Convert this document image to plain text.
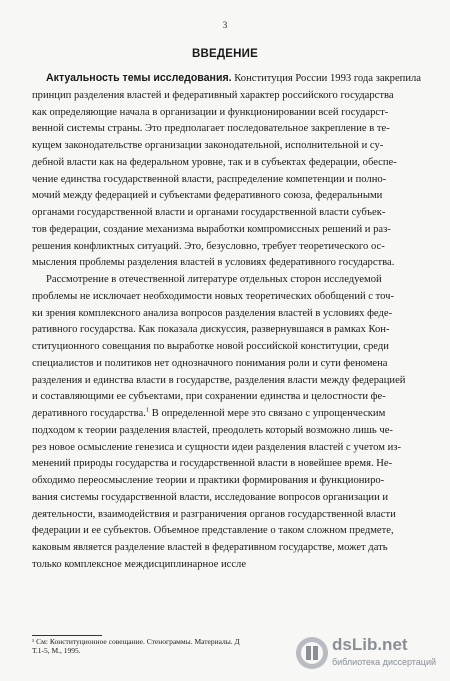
3
ВВЕДЕНИЕ
Актуальность темы исследования. Конституция России 1993 года закрепила
принцип разделения властей и федеративный характер российского государства
как определяющие начала в организации и функционировании всей государст-
венной системы страны. Это предполагает последовательное закрепление в те-
кущем законодательстве организации законодательной, исполнительной и су-
дебной власти как на федеральном уровне, так и в субъектах федерации, обеспе-
чение единства государственной власти, распределение компетенции и полно-
мочий между федерацией и субъектами федеративного союза, федеральными
органами государственной власти и органами государственной власти субъек-
тов федерации, создание механизма выработки компромиссных решений и раз-
решения конфликтных ситуаций. Это, безусловно, требует теоретического ос-
мысления проблемы разделения властей в условиях федеративного государства.
Рассмотрение в отечественной литературе отдельных сторон исследуемой
проблемы не исключает необходимости новых теоретических обобщений с точ-
ки зрения комплексного анализа вопросов разделения властей в условиях феде-
ративного государства. Как показала дискуссия, развернувшаяся в рамках Кон-
ституционного совещания по выработке новой российской конституции, среди
специалистов и политиков нет однозначного понимания роли и сути феномена
разделения и единства власти в государстве, разделения власти между федерацией
и составляющими ее субъектами, при сохранении единства и целостности фе-
деративного государства.$^1$ В определенной мере это связано с упрощенческим
подходом к теории разделения властей, преодолеть который возможно лишь че-
рез новое осмысление генезиса и сущности идеи разделения властей с учетом из-
менений природы государства и государственной власти в новейшее время. Не-
обходимо переосмысление теории и практики формирования и функциониро-
вания системы государственной власти, исследование вопросов организации и
деятельности, взаимодействия и разграничения органов государственной власти
федерации и ее субъектов. Объемное представление о таком сложном предмете,
каковым является разделение властей в федеративном государстве, может дать
только комплексное междисциплинарное иссле
¹ См: Конституционное совещание. Стенограммы. Материалы. Д
Т.1-5, М., 1995.	dsLib.net
библиотека диссертаций
